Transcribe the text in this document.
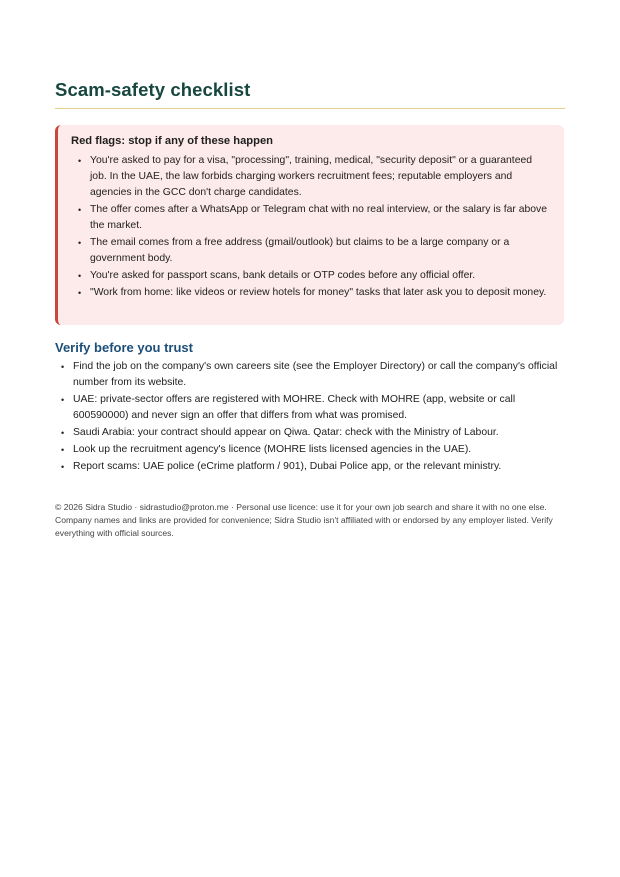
Scam-safety checklist
Red flags: stop if any of these happen
• You're asked to pay for a visa, "processing", training, medical, "security deposit" or a guaranteed job. In the UAE, the law forbids charging workers recruitment fees; reputable employers and agencies in the GCC don't charge candidates.
• The offer comes after a WhatsApp or Telegram chat with no real interview, or the salary is far above the market.
• The email comes from a free address (gmail/outlook) but claims to be a large company or a government body.
• You're asked for passport scans, bank details or OTP codes before any official offer.
• "Work from home: like videos or review hotels for money" tasks that later ask you to deposit money.
Verify before you trust
• Find the job on the company's own careers site (see the Employer Directory) or call the company's official number from its website.
• UAE: private-sector offers are registered with MOHRE. Check with MOHRE (app, website or call 600590000) and never sign an offer that differs from what was promised.
• Saudi Arabia: your contract should appear on Qiwa. Qatar: check with the Ministry of Labour.
• Look up the recruitment agency's licence (MOHRE lists licensed agencies in the UAE).
• Report scams: UAE police (eCrime platform / 901), Dubai Police app, or the relevant ministry.

© 2026 Sidra Studio · sidrastudio@proton.me · Personal use licence: use it for your own job search and share it with no one else. Company names and links are provided for convenience; Sidra Studio isn't affiliated with or endorsed by any employer listed. Verify everything with official sources.
